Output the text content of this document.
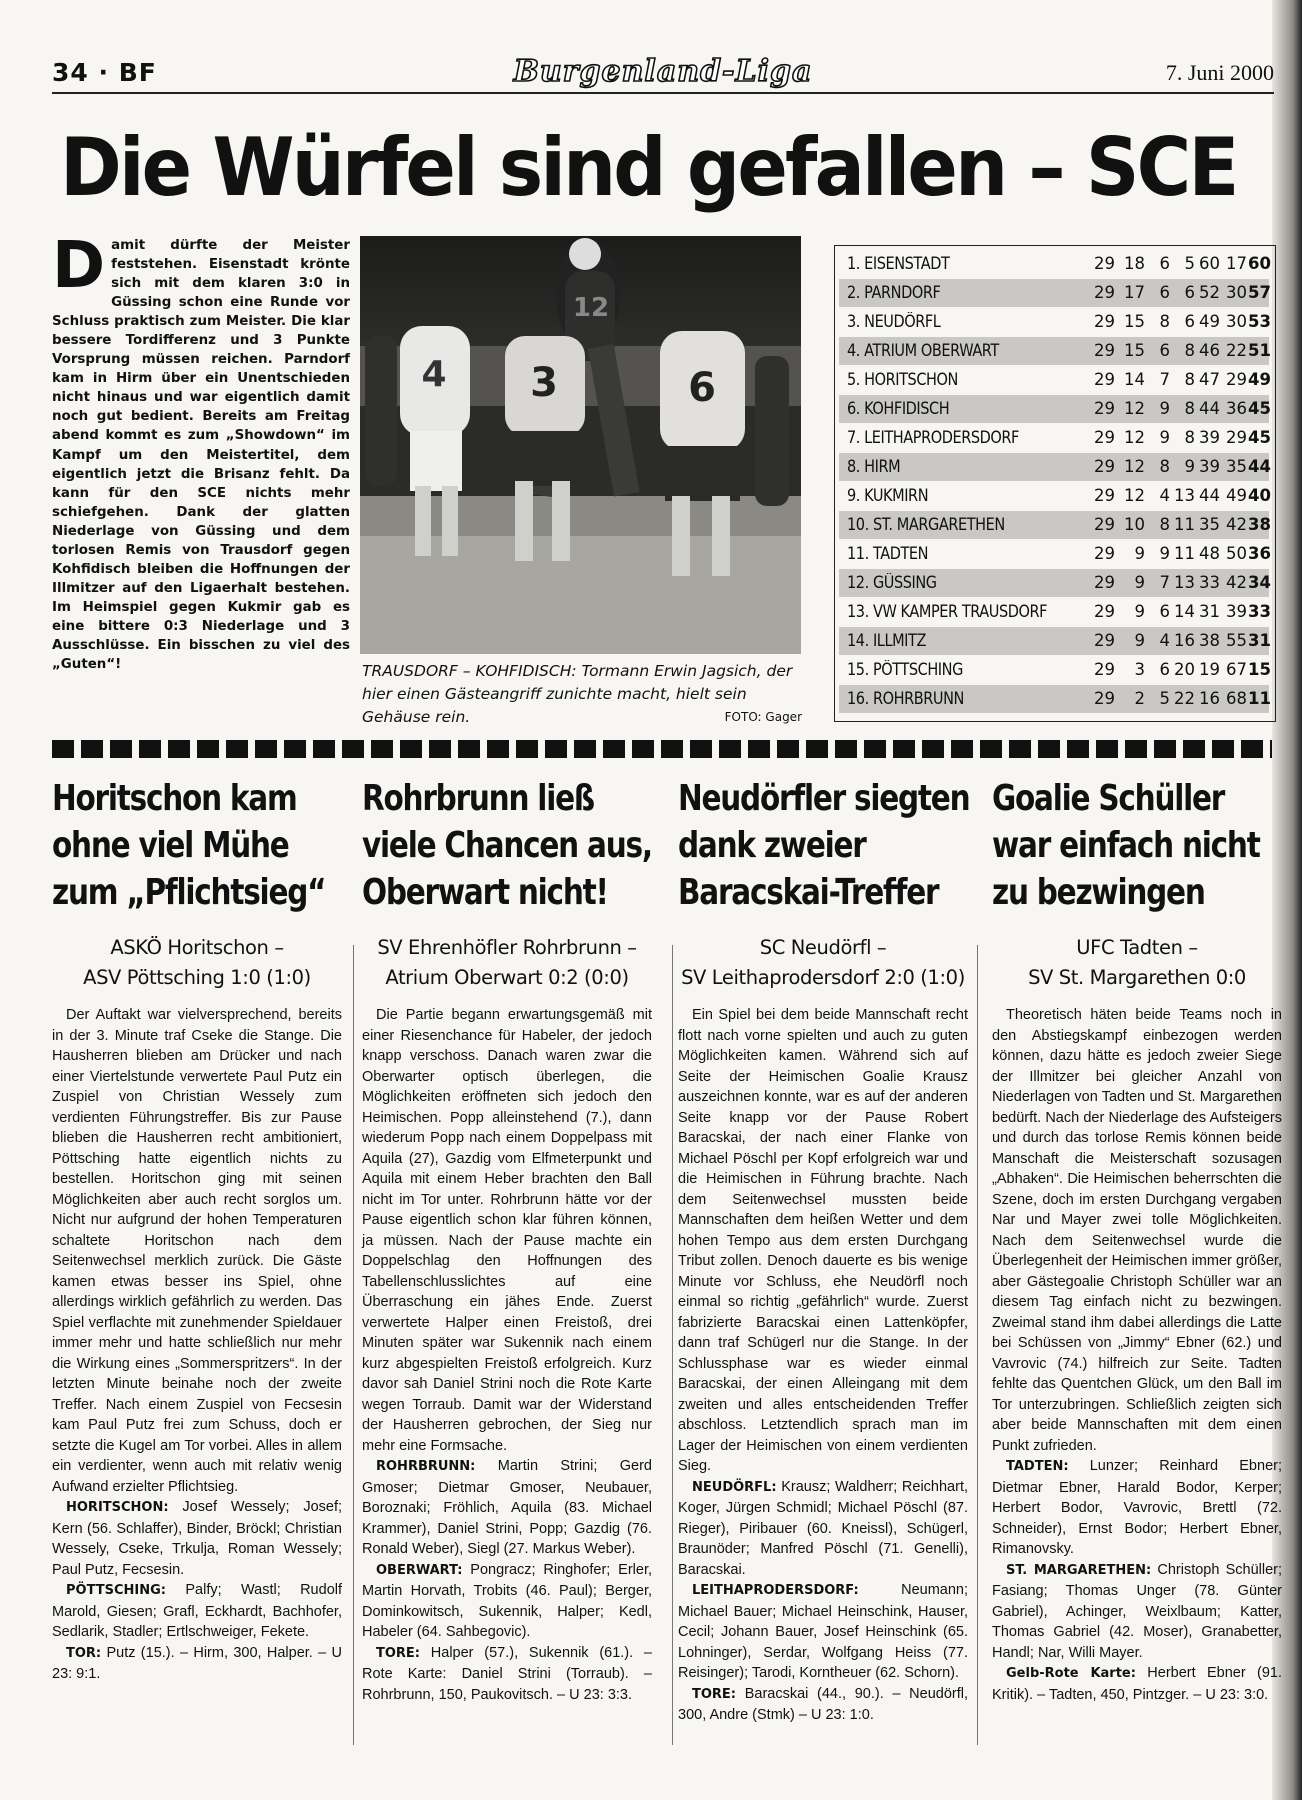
34 · BF	Burgenland-Liga	7. Juni 2000
Die Würfel sind gefallen – SCE

Damit dürfte der Meister feststehen. Eisenstadt krönte sich mit dem klaren 3:0 in Güssing schon eine Runde vor Schluss praktisch zum Meister. Die klar bessere Tordifferenz und 3 Punkte Vorsprung müssen reichen. Parndorf kam in Hirm über ein Unentschieden nicht hinaus und war eigentlich damit noch gut bedient. Bereits am Freitag abend kommt es zum „Showdown“ im Kampf um den Meistertitel, dem eigentlich jetzt die Brisanz fehlt. Da kann für den SCE nichts mehr schiefgehen. Dank der glatten Niederlage von Güssing und dem torlosen Remis von Trausdorf gegen Kohfidisch bleiben die Hoffnungen der Illmitzer auf den Ligaerhalt bestehen. Im Heimspiel gegen Kukmir gab es eine bittere 0:3 Niederlage und 3 Ausschlüsse. Ein bisschen zu viel des „Guten“!

12
4 3	6

TRAUSDORF – KOHFIDISCH: Tormann Erwin Jagsich, der hier einen Gästeangriff zunichte macht, hielt sein Gehäuse rein.	FOTO: Gager

1. EISENSTADT	29 18 6 5 60 17 60
2. PARNDORF	29 17 6 6 52 30 57
3. NEUDÖRFL	29 15 8 6 49 30 53
4. ATRIUM OBERWART	29 15 6 8 46 22 51
5. HORITSCHON	29 14 7 8 47 29 49
6. KOHFIDISCH	29 12 9 8 44 36 45
7. LEITHAPRODERSDORF	29 12 9 8 39 29 45
8. HIRM	29 12 8 9 39 35 44
9. KUKMIRN	29 12 4 13 44 49 40
10. ST. MARGARETHEN	29 10 8 11 35 42 38
11. TADTEN	29	9 9 11 48 50 36
12. GÜSSING	29	9 7 13 33 42 34
13. VW KAMPER TRAUSDORF	29	9 6 14 31 39 33
14. ILLMITZ	29	9 4 16 38 55 31
15. PÖTTSCHING	29	3 6 20 19 67 15
16. ROHRBRUNN	29	2 5 22 16 68 11
Horitschon kam
ohne viel Mühe
zum „Pflichtsieg“

ASKÖ Horitschon –
ASV Pöttsching 1:0 (1:0)

Der Auftakt war vielversprechend, bereits in der 3. Minute traf Cseke die Stange. Die Hausherren blieben am Drücker und nach einer Viertelstunde verwertete Paul Putz ein Zuspiel von Christian Wessely zum verdienten Führungstreffer. Bis zur Pause blieben die Hausherren recht ambitioniert, Pöttsching hatte eigentlich nichts zu bestellen. Horitschon ging mit seinen Möglichkeiten aber auch recht sorglos um. Nicht nur aufgrund der hohen Temperaturen schaltete Horitschon nach dem Seitenwechsel merklich zurück. Die Gäste kamen etwas besser ins Spiel, ohne allerdings wirklich gefährlich zu werden. Das Spiel verflachte mit zunehmender Spieldauer immer mehr und hatte schließlich nur mehr die Wirkung eines „Sommerspritzers“. In der letzten Minute beinahe noch der zweite Treffer. Nach einem Zuspiel von Fecsesin kam Paul Putz frei zum Schuss, doch er setzte die Kugel am Tor vorbei. Alles in allem ein verdienter, wenn auch mit relativ wenig Aufwand erzielter Pflichtsieg.

HORITSCHON: Josef Wessely; Josef; Kern (56. Schlaffer), Binder, Bröckl; Christian Wessely, Cseke, Trkulja, Roman Wessely; Paul Putz, Fecsesin.

PÖTTSCHING: Palfy; Wastl; Rudolf Marold, Giesen; Grafl, Eckhardt, Bachhofer, Sedlarik, Stadler; Ertlschweiger, Fekete.

TOR: Putz (15.). – Hirm, 300, Halper. – U 23: 9:1.

Rohrbrunn ließ
viele Chancen aus,
Oberwart nicht!

SV Ehrenhöfler Rohrbrunn –
Atrium Oberwart 0:2 (0:0)

Die Partie begann erwartungsgemäß mit einer Riesenchance für Habeler, der jedoch knapp verschoss. Danach waren zwar die Oberwarter optisch überlegen, die Möglichkeiten eröffneten sich jedoch den Heimischen. Popp alleinstehend (7.), dann wiederum Popp nach einem Doppelpass mit Aquila (27), Gazdig vom Elfmeterpunkt und Aquila mit einem Heber brachten den Ball nicht im Tor unter. Rohrbrunn hätte vor der Pause eigentlich schon klar führen können, ja müssen. Nach der Pause machte ein Doppelschlag den Hoffnungen des Tabellenschlusslichtes auf eine Überraschung ein jähes Ende. Zuerst verwertete Halper einen Freistoß, drei Minuten später war Sukennik nach einem kurz abgespielten Freistoß erfolgreich. Kurz davor sah Daniel Strini noch die Rote Karte wegen Torraub. Damit war der Widerstand der Hausherren gebrochen, der Sieg nur mehr eine Formsache.

ROHRBRUNN: Martin Strini; Gerd Gmoser; Dietmar Gmoser, Neubauer, Boroznaki; Fröhlich, Aquila (83. Michael Krammer), Daniel Strini, Popp; Gazdig (76. Ronald Weber), Siegl (27. Markus Weber).

OBERWART: Pongracz; Ringhofer; Erler, Martin Horvath, Trobits (46. Paul); Berger, Dominkowitsch, Sukennik, Halper; Kedl, Habeler (64. Sahbegovic).

TORE: Halper (57.), Sukennik (61.). – Rote Karte: Daniel Strini (Torraub). – Rohrbrunn, 150, Paukovitsch. – U 23: 3:3.

Neudörfler siegten
dank zweier
Baracskai-Treffer

SC Neudörfl –
SV Leithaprodersdorf 2:0 (1:0)

Ein Spiel bei dem beide Mannschaft recht flott nach vorne spielten und auch zu guten Möglichkeiten kamen. Während sich auf Seite der Heimischen Goalie Krausz auszeichnen konnte, war es auf der anderen Seite knapp vor der Pause Robert Baracskai, der nach einer Flanke von Michael Pöschl per Kopf erfolgreich war und die Heimischen in Führung brachte. Nach dem Seitenwechsel mussten beide Mannschaften dem heißen Wetter und dem hohen Tempo aus dem ersten Durchgang Tribut zollen. Denoch dauerte es bis wenige Minute vor Schluss, ehe Neudörfl noch einmal so richtig „gefährlich“ wurde. Zuerst fabrizierte Baracskai einen Lattenköpfer, dann traf Schügerl nur die Stange. In der Schlussphase war es wieder einmal Baracskai, der einen Alleingang mit dem zweiten und alles entscheidenden Treffer abschloss. Letztendlich sprach man im Lager der Heimischen von einem verdienten Sieg.

NEUDÖRFL: Krausz; Waldherr; Reichhart, Koger, Jürgen Schmidl; Michael Pöschl (87. Rieger), Piribauer (60. Kneissl), Schügerl, Braunöder; Manfred Pöschl (71. Genelli), Baracskai.

LEITHAPRODERSDORF:	Neumann; Michael Bauer; Michael Heinschink, Hauser, Cecil; Johann Bauer, Josef Heinschink (65. Lohninger), Serdar, Wolfgang Heiss (77. Reisinger); Tarodi, Korntheuer (62. Schorn).

TORE: Baracskai (44., 90.). – Neudörfl, 300, Andre (Stmk) – U 23: 1:0.

Goalie Schüller
war einfach nicht
zu bezwingen

UFC Tadten –
SV St. Margarethen 0:0

Theoretisch häten beide Teams noch in den Abstiegskampf einbezogen werden können, dazu hätte es jedoch zweier Siege der Illmitzer bei gleicher Anzahl von Niederlagen von Tadten und St. Margarethen bedürft. Nach der Niederlage des Aufsteigers und durch das torlose Remis können beide Manschaft die Meisterschaft sozusagen „Abhaken“. Die Heimischen beherrschten die Szene, doch im ersten Durchgang vergaben Nar und Mayer zwei tolle Möglichkeiten. Nach dem Seitenwechsel wurde die Überlegenheit der Heimischen immer größer, aber Gästegoalie Christoph Schüller war an diesem Tag einfach nicht zu bezwingen. Zweimal stand ihm dabei allerdings die Latte bei Schüssen von „Jimmy“ Ebner (62.) und Vavrovic (74.) hilfreich zur Seite. Tadten fehlte das Quentchen Glück, um den Ball im Tor unterzubringen. Schließlich zeigten sich aber beide Mannschaften mit dem einen Punkt zufrieden.

TADTEN: Lunzer; Reinhard Ebner; Dietmar Ebner, Harald Bodor, Kerper; Herbert Bodor, Vavrovic, Brettl (72. Schneider), Ernst Bodor; Herbert Ebner, Rimanovsky.

ST. MARGARETHEN: Christoph Schüller; Fasiang; Thomas Unger (78. Günter Gabriel), Achinger, Weixlbaum; Katter, Thomas Gabriel (42. Moser), Granabetter, Handl; Nar, Willi Mayer.

Gelb-Rote Karte: Herbert Ebner (91. Kritik). – Tadten, 450, Pintzger. – U 23: 3:0.
